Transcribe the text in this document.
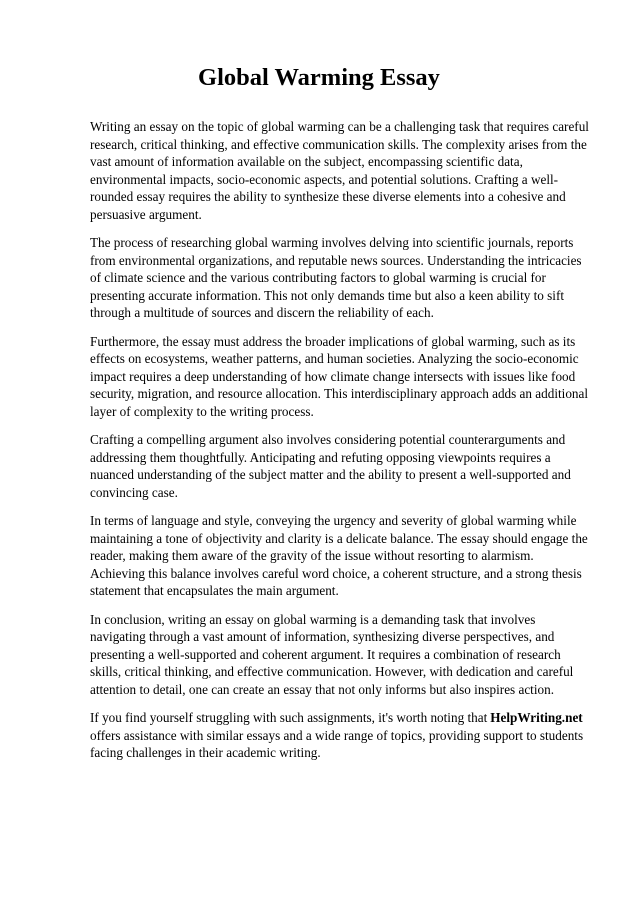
Global Warming Essay

Writing an essay on the topic of global warming can be a challenging task that requires careful research, critical thinking, and effective communication skills. The complexity arises from the vast amount of information available on the subject, encompassing scientific data, environmental impacts, socio-economic aspects, and potential solutions. Crafting a well-rounded essay requires the ability to synthesize these diverse elements into a cohesive and persuasive argument.

The process of researching global warming involves delving into scientific journals, reports from environmental organizations, and reputable news sources. Understanding the intricacies of climate science and the various contributing factors to global warming is crucial for presenting accurate information. This not only demands time but also a keen ability to sift through a multitude of sources and discern the reliability of each.

Furthermore, the essay must address the broader implications of global warming, such as its effects on ecosystems, weather patterns, and human societies. Analyzing the socio-economic impact requires a deep understanding of how climate change intersects with issues like food security, migration, and resource allocation. This interdisciplinary approach adds an additional layer of complexity to the writing process.

Crafting a compelling argument also involves considering potential counterarguments and addressing them thoughtfully. Anticipating and refuting opposing viewpoints requires a nuanced understanding of the subject matter and the ability to present a well-supported and convincing case.

In terms of language and style, conveying the urgency and severity of global warming while maintaining a tone of objectivity and clarity is a delicate balance. The essay should engage the reader, making them aware of the gravity of the issue without resorting to alarmism. Achieving this balance involves careful word choice, a coherent structure, and a strong thesis statement that encapsulates the main argument.

In conclusion, writing an essay on global warming is a demanding task that involves navigating through a vast amount of information, synthesizing diverse perspectives, and presenting a well-supported and coherent argument. It requires a combination of research skills, critical thinking, and effective communication. However, with dedication and careful attention to detail, one can create an essay that not only informs but also inspires action.

If you find yourself struggling with such assignments, it's worth noting that HelpWriting.net offers assistance with similar essays and a wide range of topics, providing support to students facing challenges in their academic writing.
